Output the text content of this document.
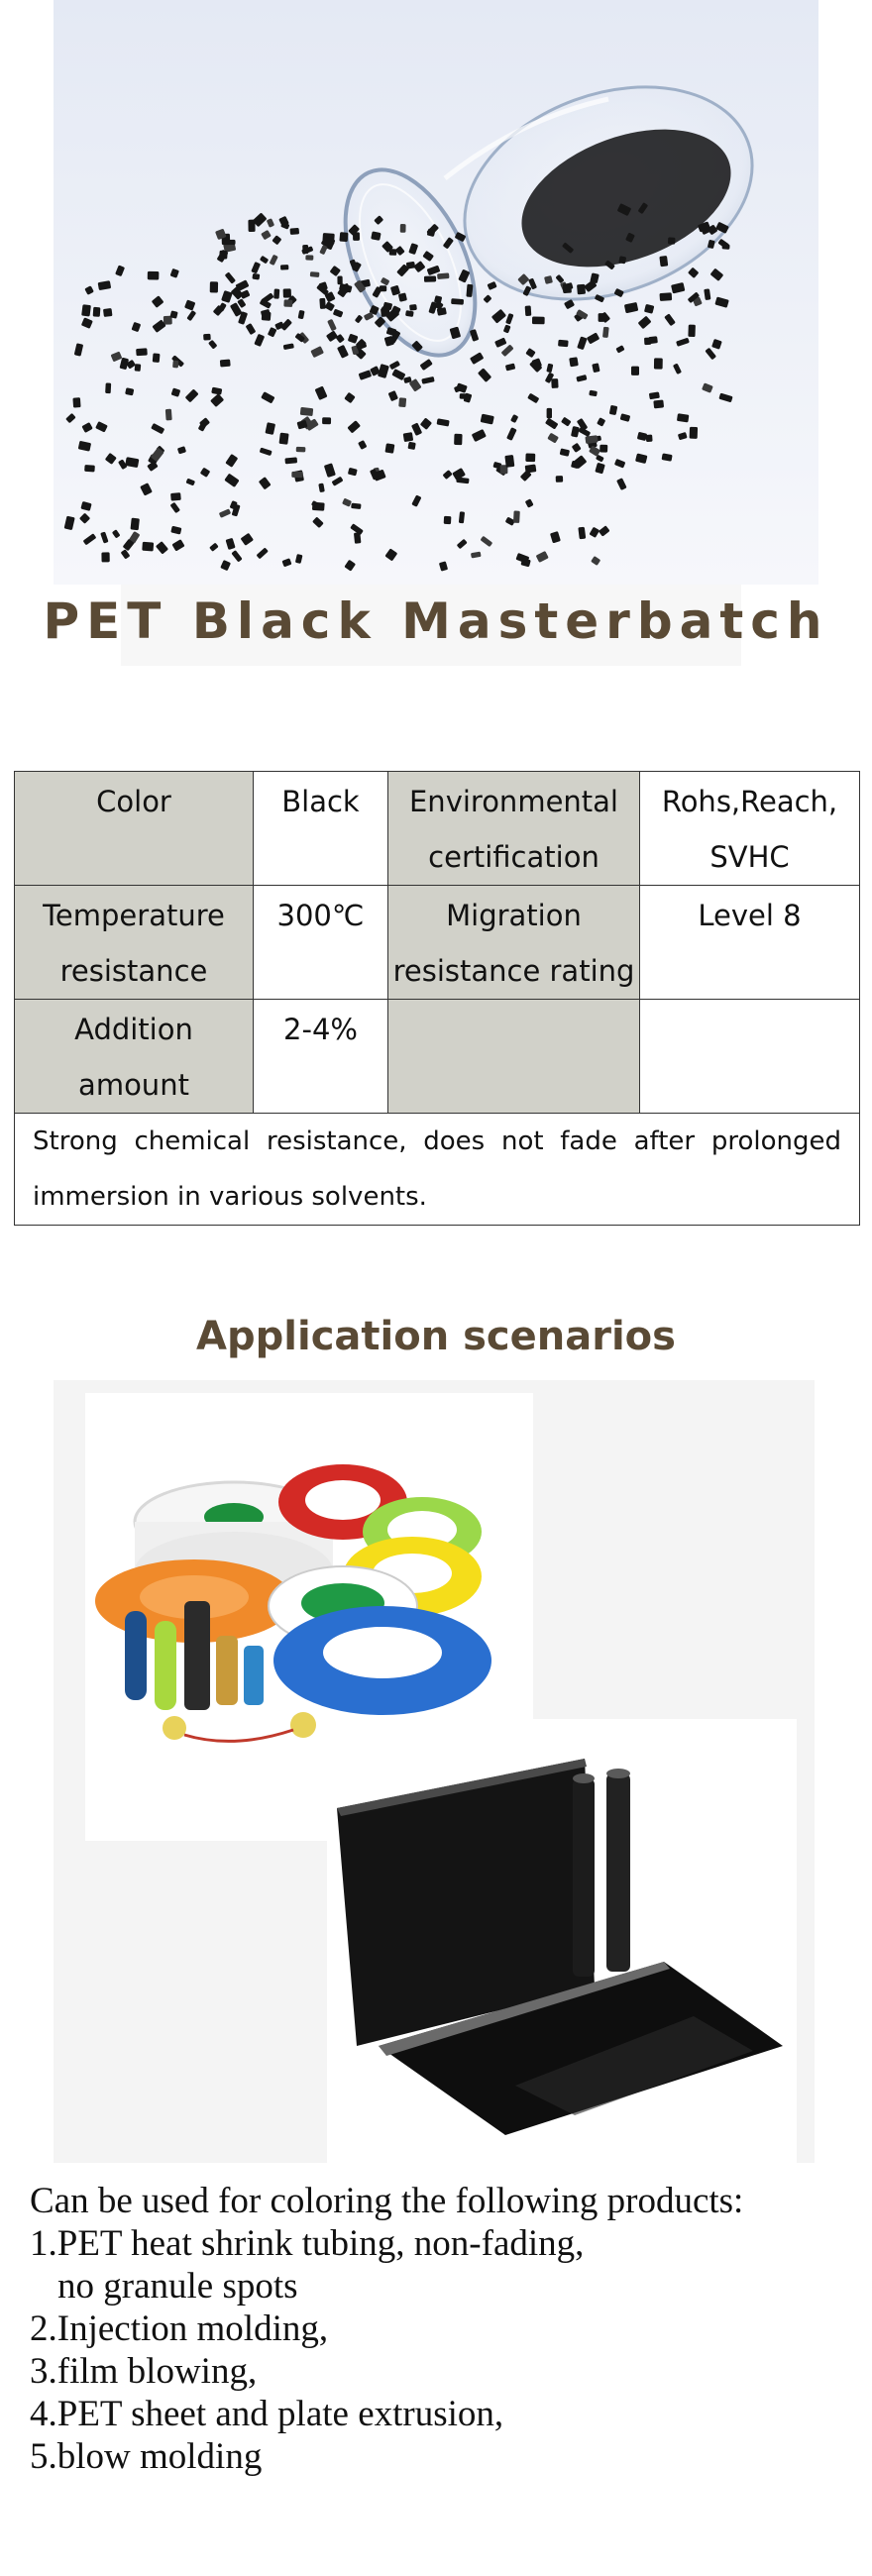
PET Black Masterbatch
Color	Black	Environmental certification	Rohs,Reach, SVHC
Temperature resistance	300℃	Migration resistance rating	Level 8
Addition amount	2-4%		
Strong chemical resistance, does not fade after prolonged immersion in various solvents.			
Application scenarios
Can be used for coloring the following products:
1.PET heat shrink tubing, non-fading,
no granule spots
2.Injection molding,
3.film blowing,
4.PET sheet and plate extrusion,
5.blow molding
